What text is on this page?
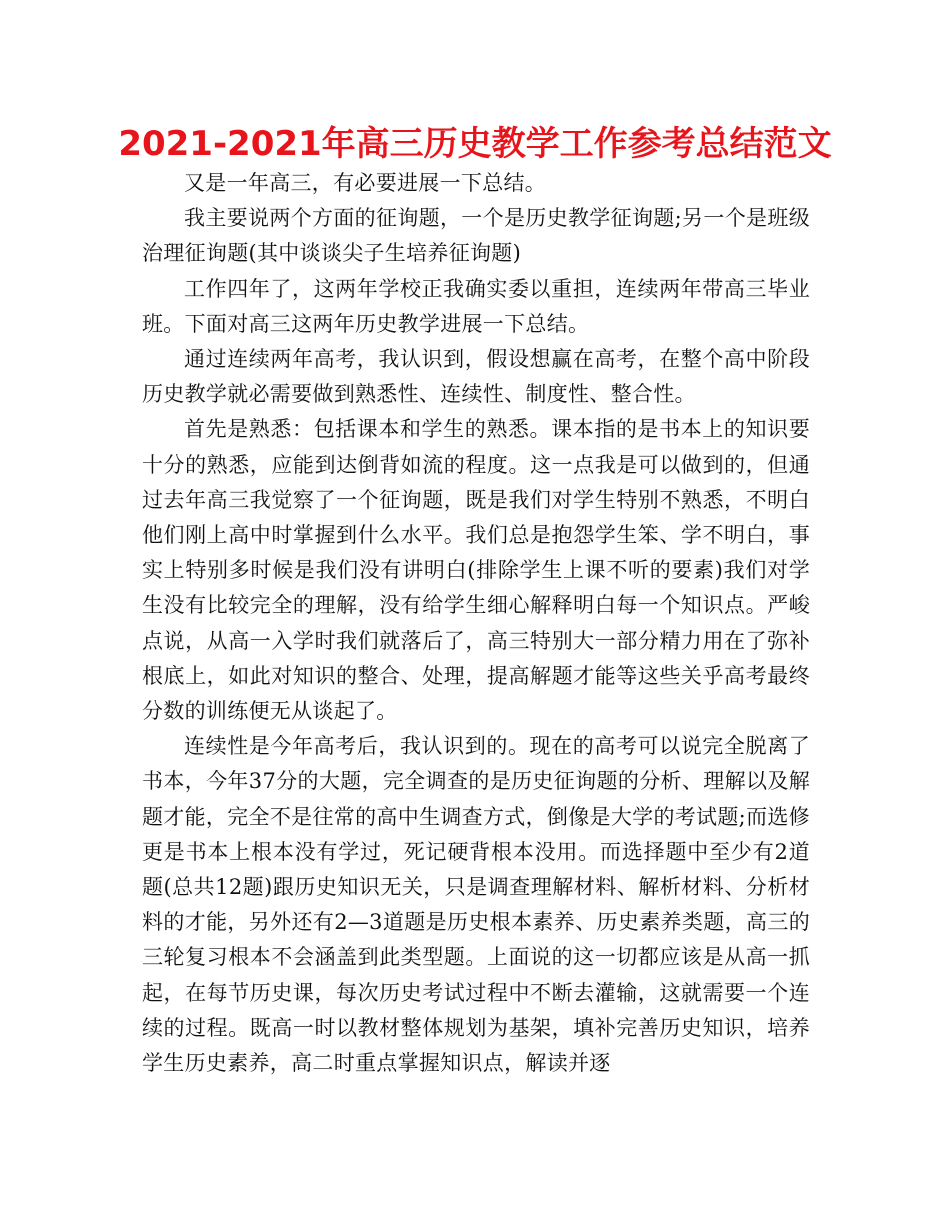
2021-2021年高三历史教学工作参考总结范文

又是一年高三，有必要进展一下总结。

我主要说两个方面的征询题，一个是历史教学征询题;另一个是班级治理征询题(其中谈谈尖子生培养征询题)

工作四年了，这两年学校正我确实委以重担，连续两年带高三毕业班。下面对高三这两年历史教学进展一下总结。

通过连续两年高考，我认识到，假设想赢在高考，在整个高中阶段历史教学就必需要做到熟悉性、连续性、制度性、整合性。

首先是熟悉：包括课本和学生的熟悉。课本指的是书本上的知识要十分的熟悉，应能到达倒背如流的程度。这一点我是可以做到的，但通过去年高三我觉察了一个征询题，既是我们对学生特别不熟悉，不明白他们刚上高中时掌握到什么水平。我们总是抱怨学生笨、学不明白，事实上特别多时候是我们没有讲明白(排除学生上课不听的要素)我们对学生没有比较完全的理解，没有给学生细心解释明白每一个知识点。严峻点说，从高一入学时我们就落后了，高三特别大一部分精力用在了弥补根底上，如此对知识的整合、处理，提高解题才能等这些关乎高考最终分数的训练便无从谈起了。

连续性是今年高考后，我认识到的。现在的高考可以说完全脱离了书本，今年37分的大题，完全调查的是历史征询题的分析、理解以及解题才能，完全不是往常的高中生调查方式，倒像是大学的考试题;而选修更是书本上根本没有学过，死记硬背根本没用。而选择题中至少有2道题(总共12题)跟历史知识无关，只是调查理解材料、解析材料、分析材料的才能，另外还有2—3道题是历史根本素养、历史素养类题，高三的三轮复习根本不会涵盖到此类型题。上面说的这一切都应该是从高一抓起，在每节历史课，每次历史考试过程中不断去灌输，这就需要一个连续的过程。既高一时以教材整体规划为基架，填补完善历史知识，培养学生历史素养，高二时重点掌握知识点，解读并逐
